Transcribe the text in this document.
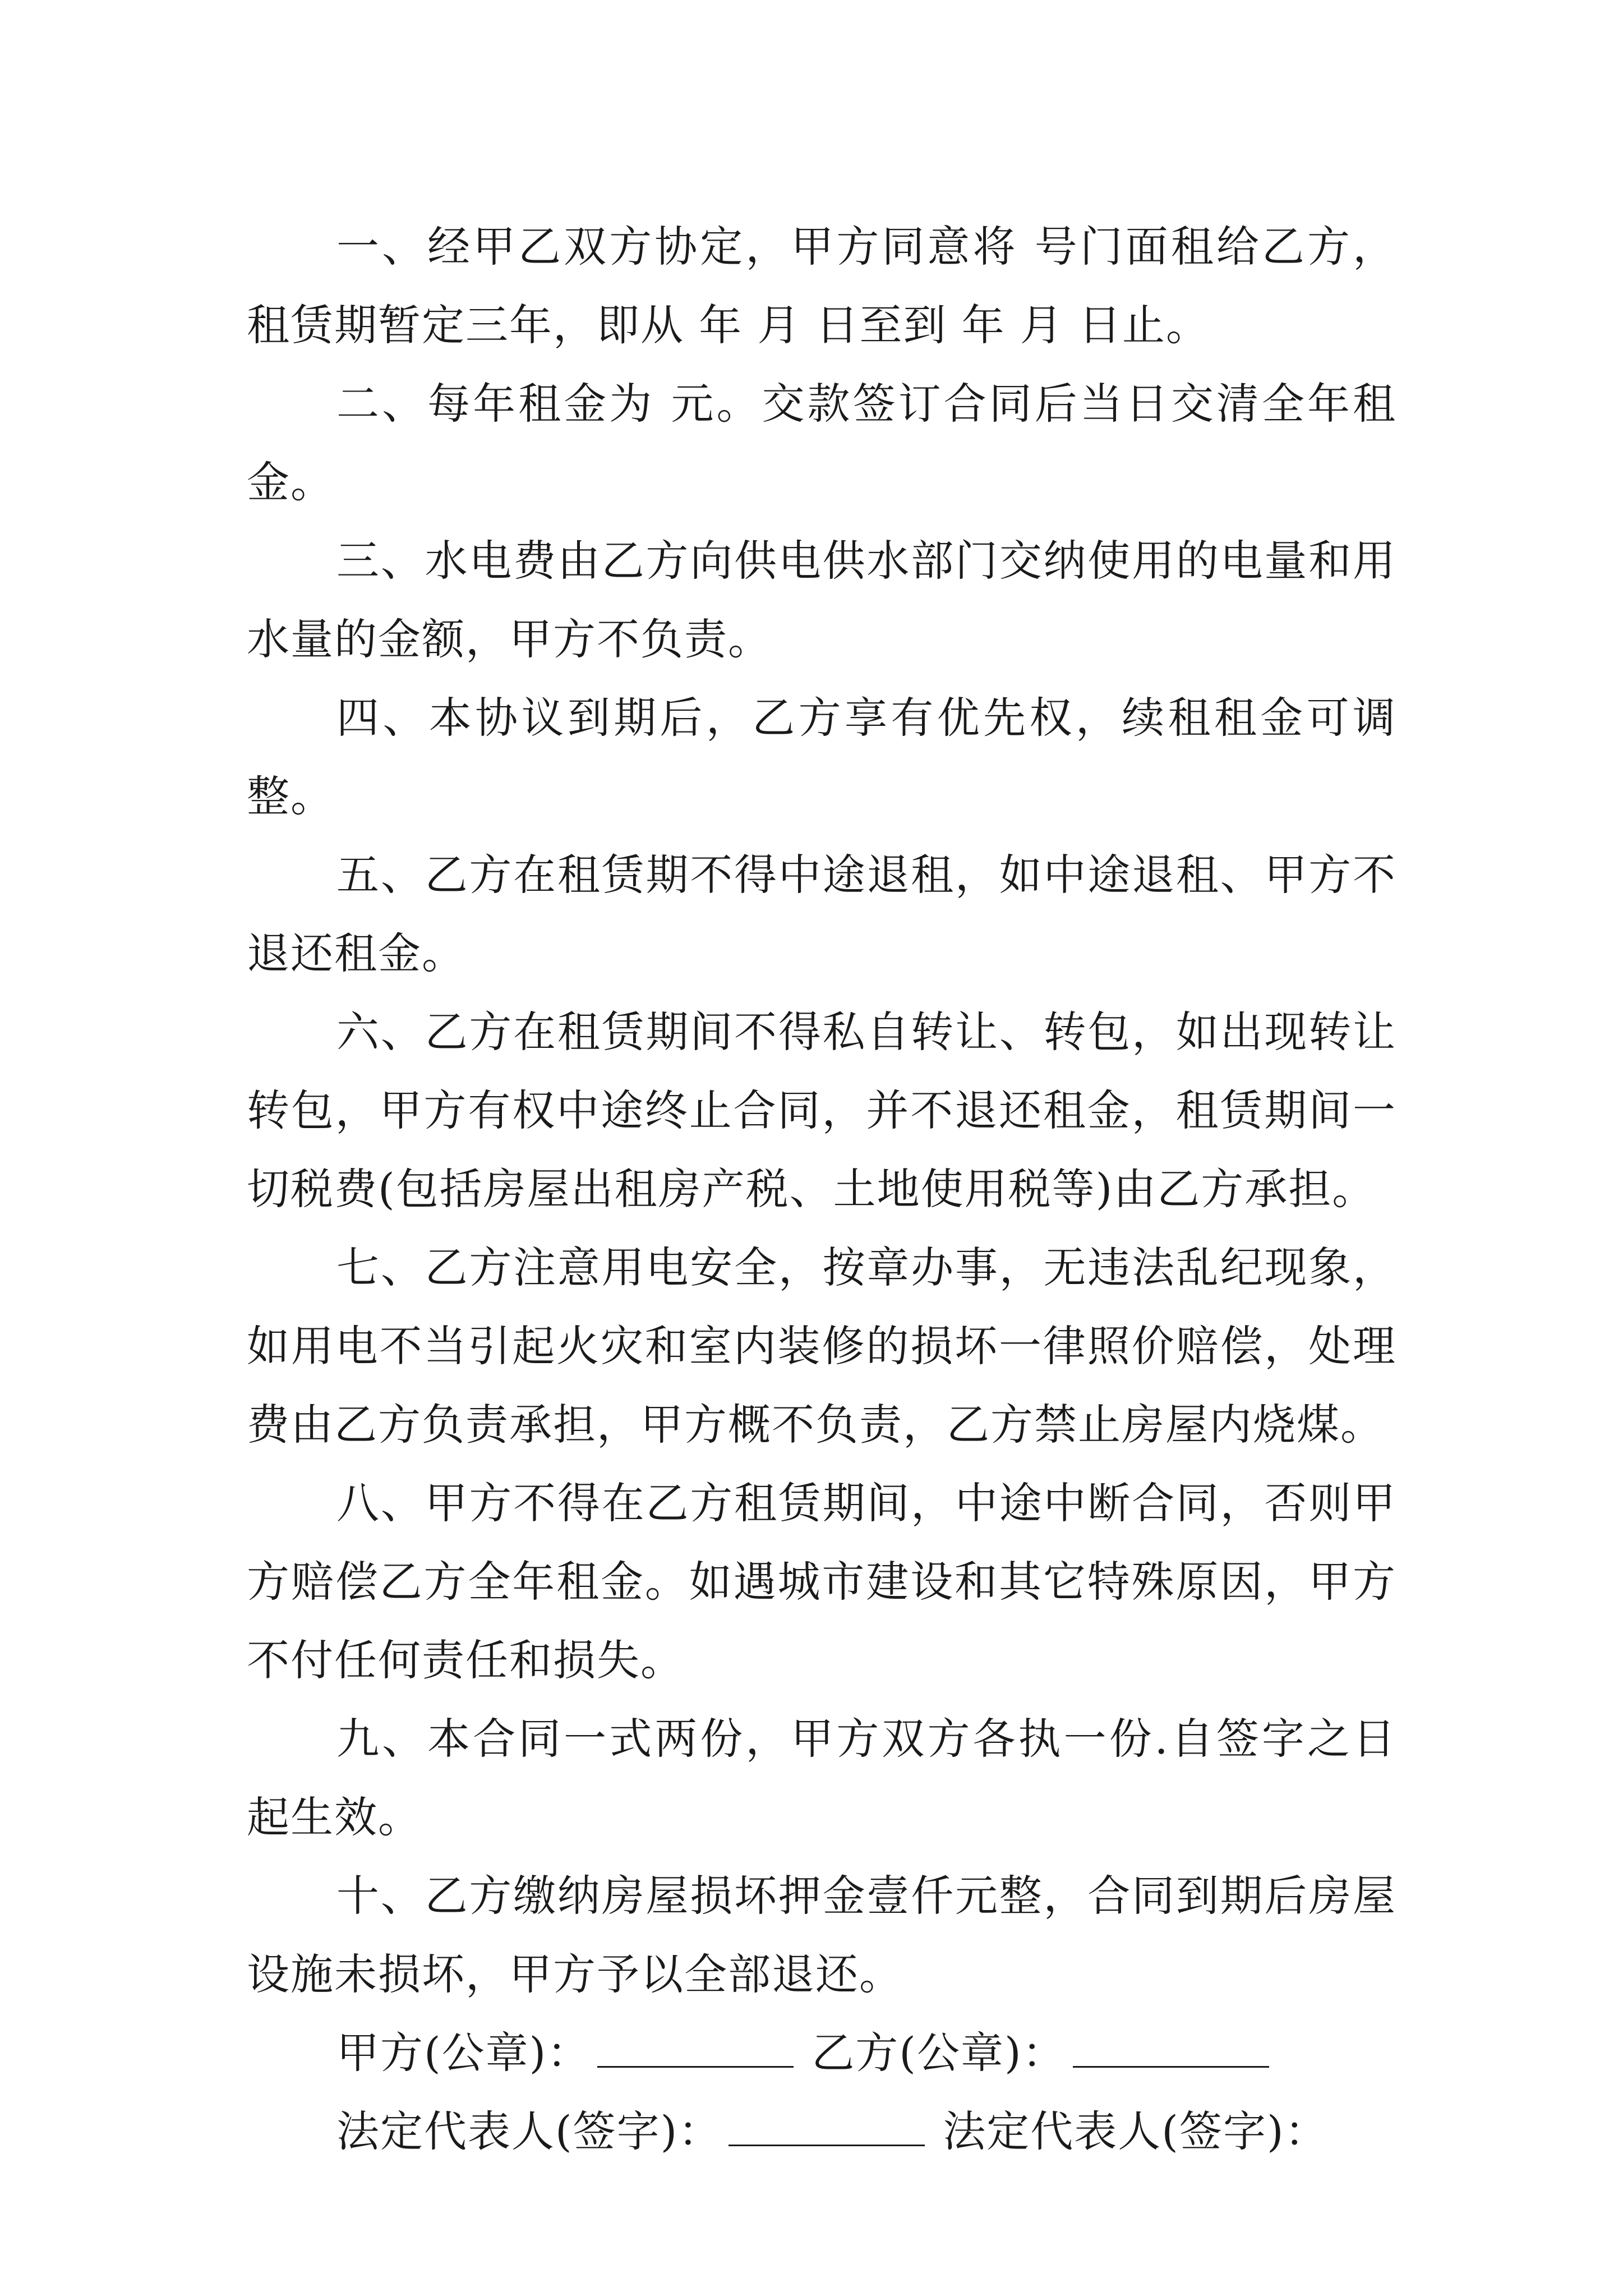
一、经甲乙双方协定，甲方同意将 号门面租给乙方，租赁期暂定三年，即从 年 月 日至到 年 月 日止。

二、每年租金为 元。交款签订合同后当日交清全年租金。

三、水电费由乙方向供电供水部门交纳使用的电量和用水量的金额，甲方不负责。

四、本协议到期后，乙方享有优先权，续租租金可调整。

五、乙方在租赁期不得中途退租，如中途退租、甲方不退还租金。

六、乙方在租赁期间不得私自转让、转包，如出现转让转包，甲方有权中途终止合同，并不退还租金，租赁期间一切税费(包括房屋出租房产税、土地使用税等)由乙方承担。

七、乙方注意用电安全，按章办事，无违法乱纪现象，如用电不当引起火灾和室内装修的损坏一律照价赔偿，处理费由乙方负责承担，甲方概不负责，乙方禁止房屋内烧煤。

八、甲方不得在乙方租赁期间，中途中断合同，否则甲方赔偿乙方全年租金。如遇城市建设和其它特殊原因，甲方不付任何责任和损失。

九、本合同一式两份，甲方双方各执一份.自签字之日起生效。

十、乙方缴纳房屋损坏押金壹仟元整，合同到期后房屋设施未损坏，甲方予以全部退还。

甲方(公章)：	乙方(公章)：
法定代表人(签字)：	法定代表人(签字)：
